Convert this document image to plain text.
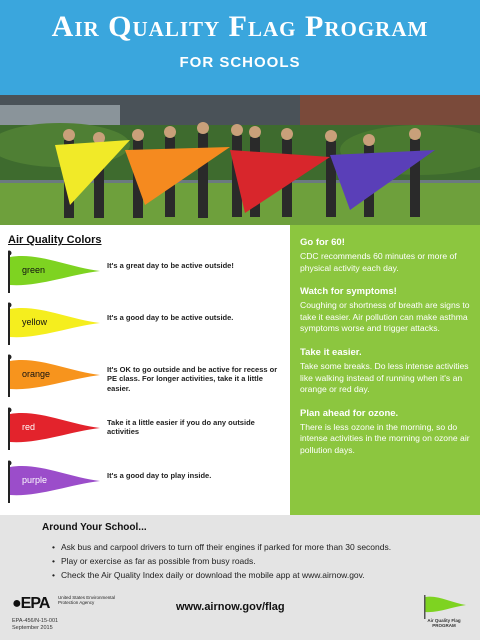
Air Quality Flag Program
FOR SCHOOLS
Air Quality Colors
green	It's a great day to be active outside!
yellow	It's a good day to be active outside.
orange	It's OK to go outside and be active for recess or PE class. For longer activities, take it a little easier.
red	Take it a little easier if you do any outside activities
purple	It's a good day to play inside.
Go for 60!
CDC recommends 60 minutes or more of physical activity each day.
Watch for symptoms!
Coughing or shortness of breath are signs to take it easier. Air pollution can make asthma symptoms worse and trigger attacks.
Take it easier.
Take some breaks. Do less intense activities like walking instead of running when it's an orange or red day.
Plan ahead for ozone.
There is less ozone in the morning, so do intense activities in the morning on ozone air pollution days.
Around Your School...
• Ask bus and carpool drivers to turn off their engines if parked for more than 30 seconds.
• Play or exercise as far as possible from busy roads.
• Check the Air Quality Index daily or download the mobile app at www.airnow.gov.
●EPA United States Environmental Protection Agency
EPA-456/N-15-001
September 2015
www.airnow.gov/flag
Air Quality Flag PROGRAM
